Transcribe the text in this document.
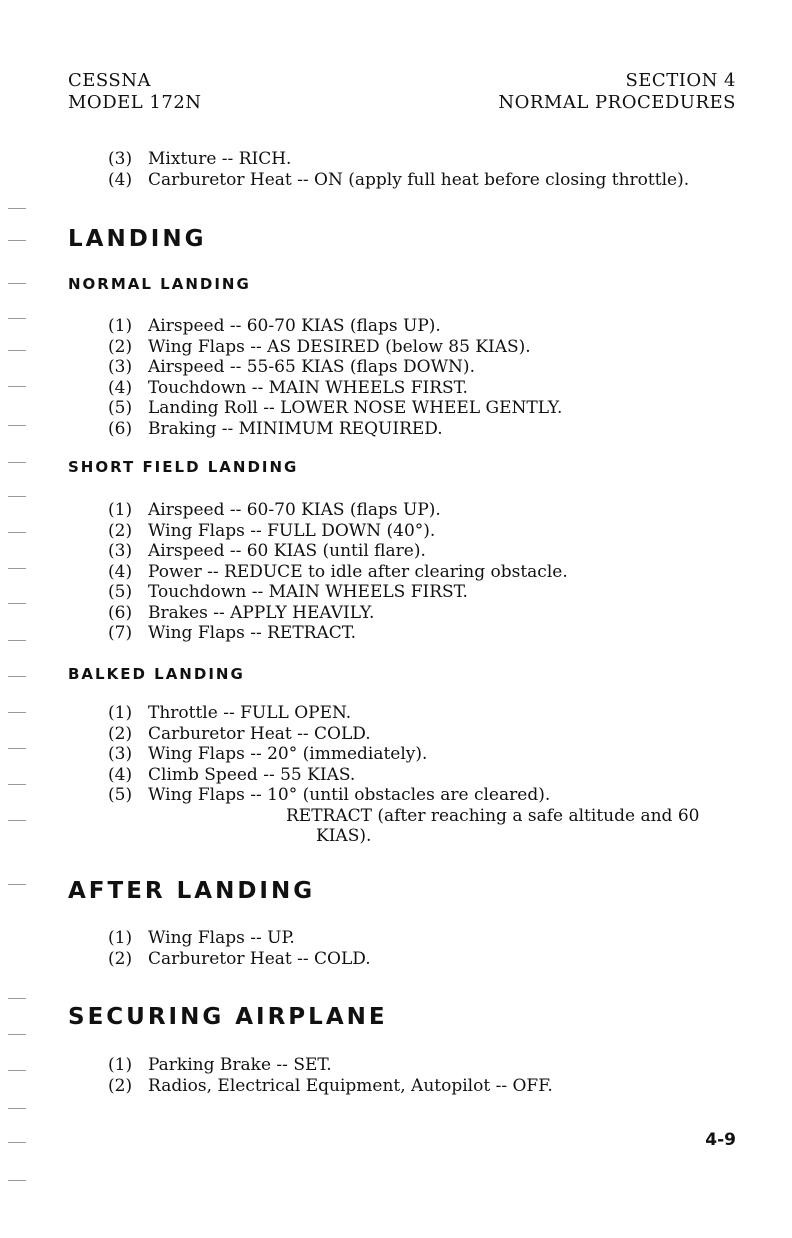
CESSNA
MODEL 172N
SECTION 4
NORMAL PROCEDURES
(3) Mixture -- RICH.
(4) Carburetor Heat -- ON (apply full heat before closing throttle).
LANDING
NORMAL LANDING
(1) Airspeed -- 60-70 KIAS (flaps UP).
(2) Wing Flaps -- AS DESIRED (below 85 KIAS).
(3) Airspeed -- 55-65 KIAS (flaps DOWN).
(4) Touchdown -- MAIN WHEELS FIRST.
(5) Landing Roll -- LOWER NOSE WHEEL GENTLY.
(6) Braking -- MINIMUM REQUIRED.
SHORT FIELD LANDING
(1) Airspeed -- 60-70 KIAS (flaps UP).
(2) Wing Flaps -- FULL DOWN (40°).
(3) Airspeed -- 60 KIAS (until flare).
(4) Power -- REDUCE to idle after clearing obstacle.
(5) Touchdown -- MAIN WHEELS FIRST.
(6) Brakes -- APPLY HEAVILY.
(7) Wing Flaps -- RETRACT.
BALKED LANDING
(1) Throttle -- FULL OPEN.
(2) Carburetor Heat -- COLD.
(3) Wing Flaps -- 20° (immediately).
(4) Climb Speed -- 55 KIAS.
(5) Wing Flaps -- 10° (until obstacles are cleared).
RETRACT (after reaching a safe altitude and 60
KIAS).
AFTER LANDING
(1) Wing Flaps -- UP.
(2) Carburetor Heat -- COLD.
SECURING AIRPLANE
(1) Parking Brake -- SET.
(2) Radios, Electrical Equipment, Autopilot -- OFF.
4-9
